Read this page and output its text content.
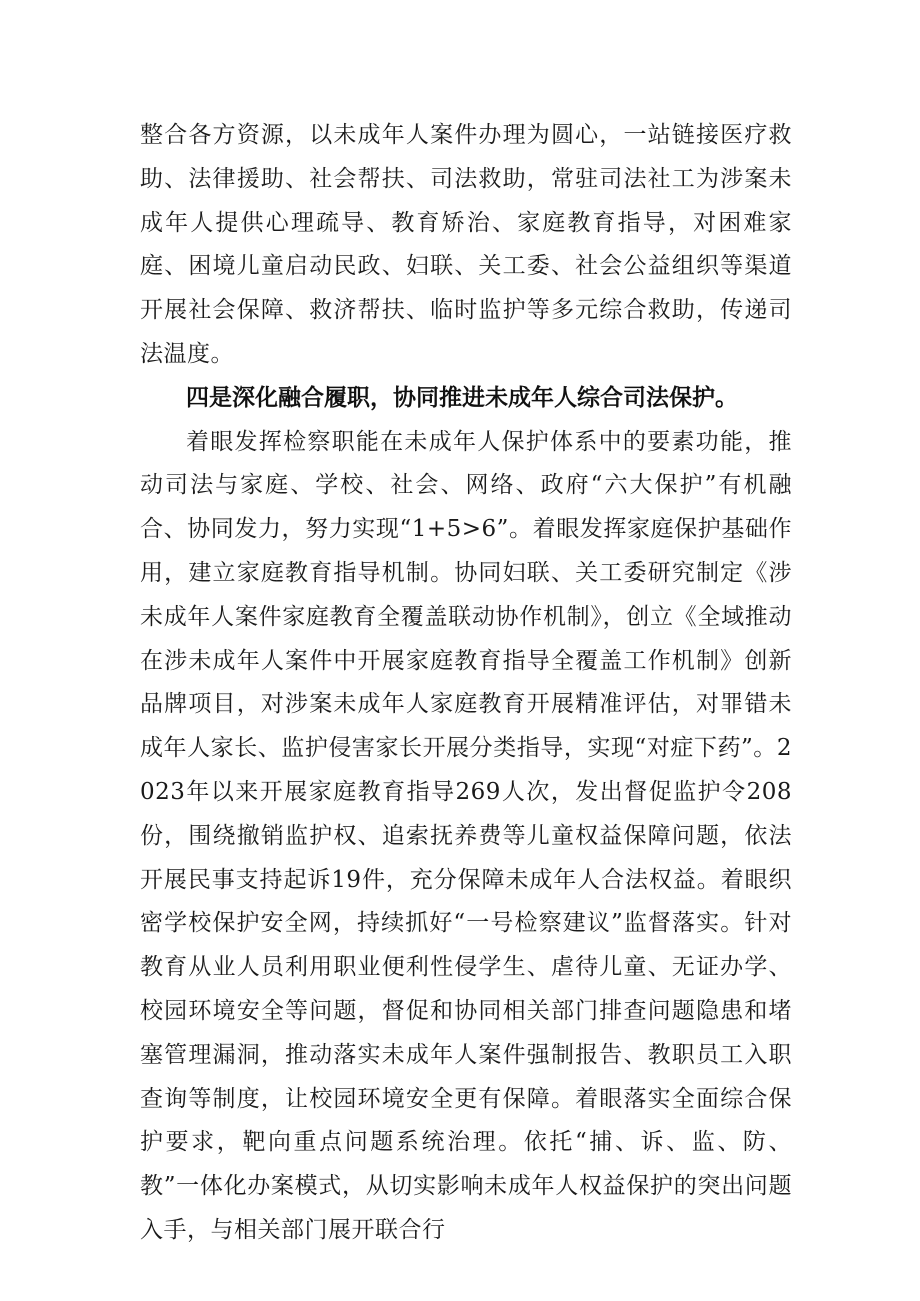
整合各方资源，以未成年人案件办理为圆心，一站链接医疗救助、法律援助、社会帮扶、司法救助，常驻司法社工为涉案未成年人提供心理疏导、教育矫治、家庭教育指导，对困难家庭、困境儿童启动民政、妇联、关工委、社会公益组织等渠道开展社会保障、救济帮扶、临时监护等多元综合救助，传递司法温度。

四是深化融合履职，协同推进未成年人综合司法保护。

着眼发挥检察职能在未成年人保护体系中的要素功能，推动司法与家庭、学校、社会、网络、政府“六大保护”有机融合、协同发力，努力实现“1+5>6”。着眼发挥家庭保护基础作用，建立家庭教育指导机制。协同妇联、关工委研究制定《涉未成年人案件家庭教育全覆盖联动协作机制》，创立《全域推动在涉未成年人案件中开展家庭教育指导全覆盖工作机制》创新品牌项目，对涉案未成年人家庭教育开展精准评估，对罪错未成年人家长、监护侵害家长开展分类指导，实现“对症下药”。2023年以来开展家庭教育指导269人次，发出督促监护令208份，围绕撤销监护权、追索抚养费等儿童权益保障问题，依法开展民事支持起诉19件，充分保障未成年人合法权益。着眼织密学校保护安全网，持续抓好“一号检察建议”监督落实。针对教育从业人员利用职业便利性侵学生、虐待儿童、无证办学、校园环境安全等问题，督促和协同相关部门排查问题隐患和堵塞管理漏洞，推动落实未成年人案件强制报告、教职员工入职查询等制度，让校园环境安全更有保障。着眼落实全面综合保护要求，靶向重点问题系统治理。依托“捕、诉、监、防、教”一体化办案模式，从切实影响未成年人权益保护的突出问题入手，与相关部门展开联合行
